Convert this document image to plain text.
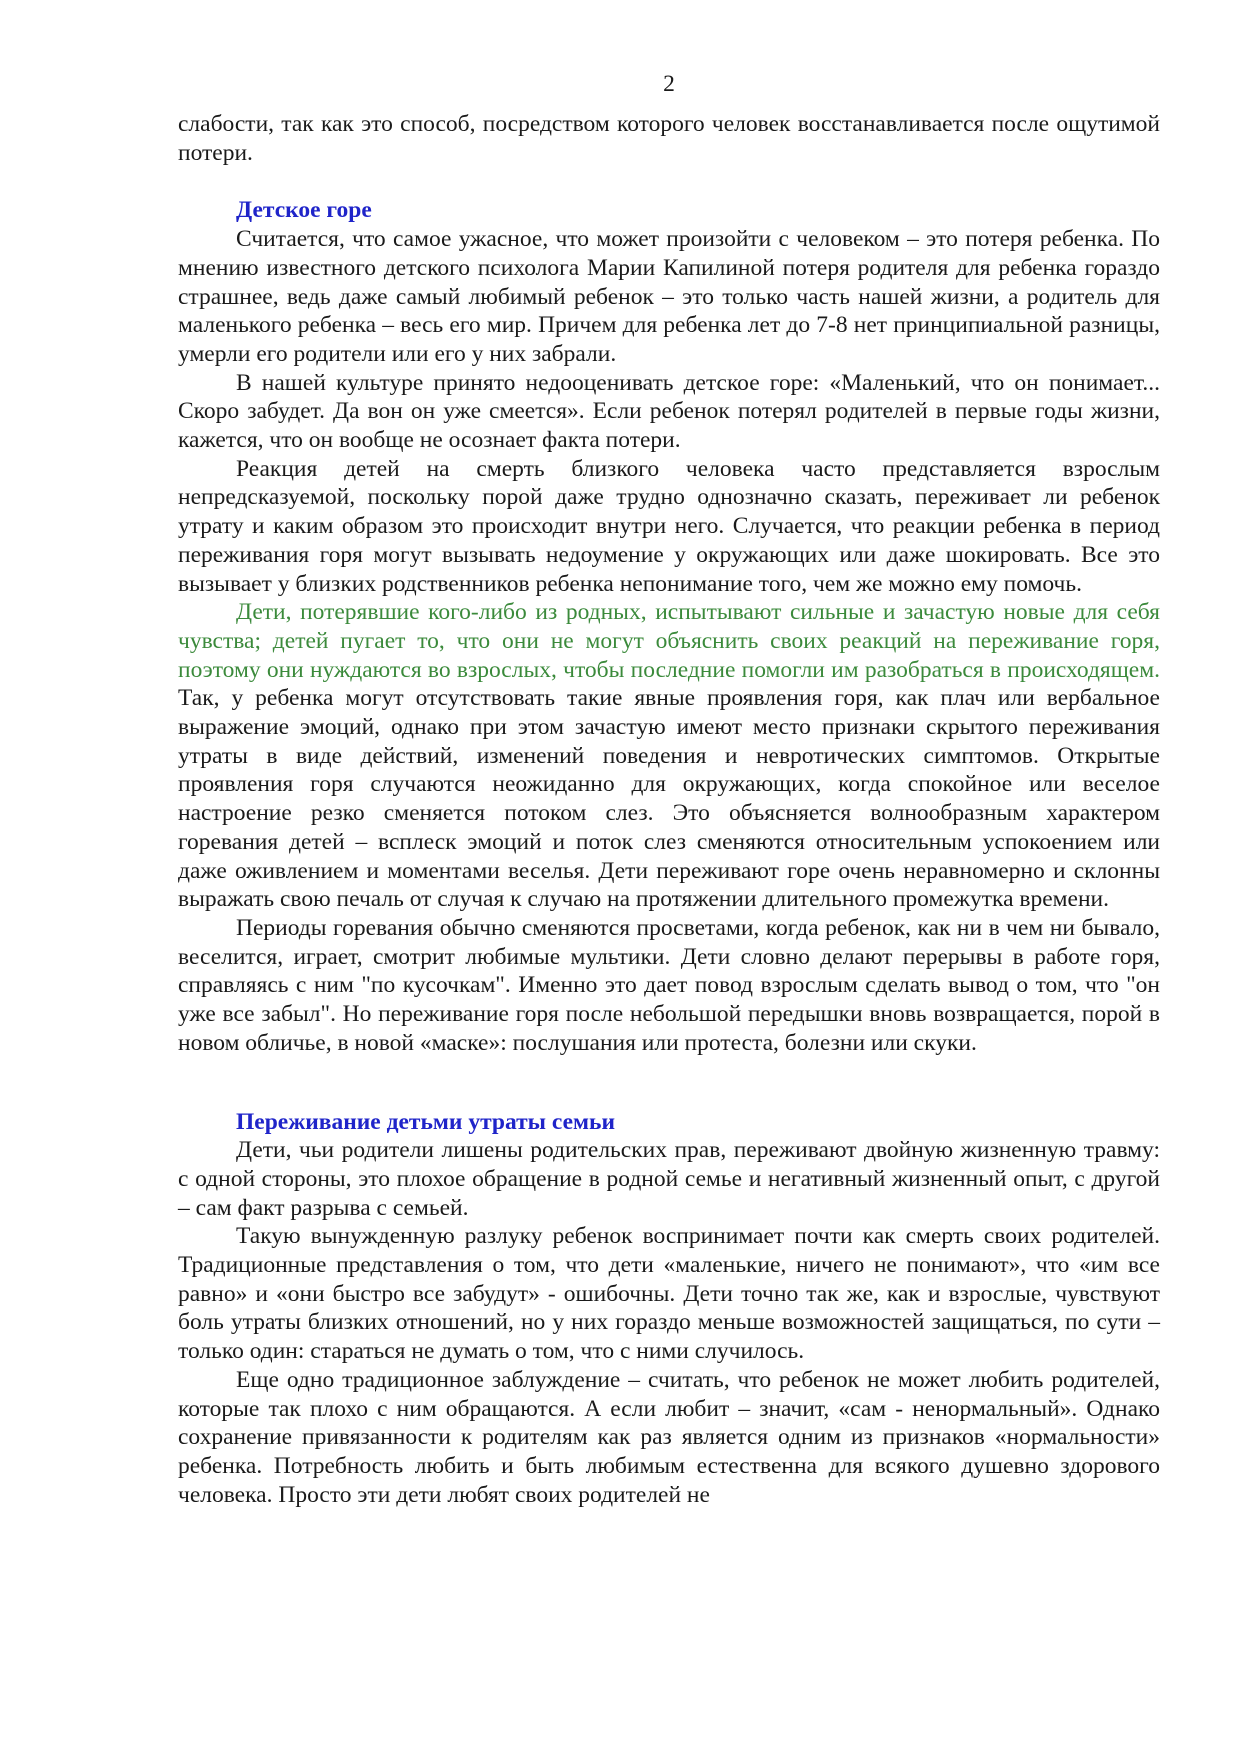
2

слабости, так как это способ, посредством которого человек восстанавливается после ощутимой потери.

Детское горе

Считается, что самое ужасное, что может произойти с человеком – это потеря ребенка. По мнению известного детского психолога Марии Капилиной потеря родителя для ребенка гораздо страшнее, ведь даже самый любимый ребенок – это только часть нашей жизни, а родитель для маленького ребенка – весь его мир. Причем для ребенка лет до 7-8 нет принципиальной разницы, умерли его родители или его у них забрали.

В нашей культуре принято недооценивать детское горе: «Маленький, что он понимает... Скоро забудет. Да вон он уже смеется». Если ребенок потерял родителей в первые годы жизни, кажется, что он вообще не осознает факта потери.

Реакция детей на смерть близкого человека часто представляется взрослым непредсказуемой, поскольку порой даже трудно однозначно сказать, переживает ли ребенок утрату и каким образом это происходит внутри него. Случается, что реакции ребенка в период переживания горя могут вызывать недоумение у окружающих или даже шокировать. Все это вызывает у близких родственников ребенка непонимание того, чем же можно ему помочь.

Дети, потерявшие кого-либо из родных, испытывают сильные и зачастую новые для себя чувства; детей пугает то, что они не могут объяснить своих реакций на переживание горя, поэтому они нуждаются во взрослых, чтобы последние помогли им разобраться в происходящем. Так, у ребенка могут отсутствовать такие явные проявления горя, как плач или вербальное выражение эмоций, однако при этом зачастую имеют место признаки скрытого переживания утраты в виде действий, изменений поведения и невротических симптомов. Открытые проявления горя случаются неожиданно для окружающих, когда спокойное или веселое настроение резко сменяется потоком слез. Это объясняется волнообразным характером горевания детей – всплеск эмоций и поток слез сменяются относительным успокоением или даже оживлением и моментами веселья. Дети переживают горе очень неравномерно и склонны выражать свою печаль от случая к случаю на протяжении длительного промежутка времени.

Периоды горевания обычно сменяются просветами, когда ребенок, как ни в чем ни бывало, веселится, играет, смотрит любимые мультики. Дети словно делают перерывы в работе горя, справляясь с ним "по кусочкам". Именно это дает повод взрослым сделать вывод о том, что "он уже все забыл". Но переживание горя после небольшой передышки вновь возвращается, порой в новом обличье, в новой «маске»: послушания или протеста, болезни или скуки.

Переживание детьми утраты семьи

Дети, чьи родители лишены родительских прав, переживают двойную жизненную травму: с одной стороны, это плохое обращение в родной семье и негативный жизненный опыт, с другой – сам факт разрыва с семьей.

Такую вынужденную разлуку ребенок воспринимает почти как смерть своих родителей. Традиционные представления о том, что дети «маленькие, ничего не понимают», что «им все равно» и «они быстро все забудут» - ошибочны. Дети точно так же, как и взрослые, чувствуют боль утраты близких отношений, но у них гораздо меньше возможностей защищаться, по сути – только один: стараться не думать о том, что с ними случилось.

Еще одно традиционное заблуждение – считать, что ребенок не может любить родителей, которые так плохо с ним обращаются. А если любит – значит, «сам - ненормальный». Однако сохранение привязанности к родителям как раз является одним из признаков «нормальности» ребенка. Потребность любить и быть любимым естественна для всякого душевно здорового человека. Просто эти дети любят своих родителей не
